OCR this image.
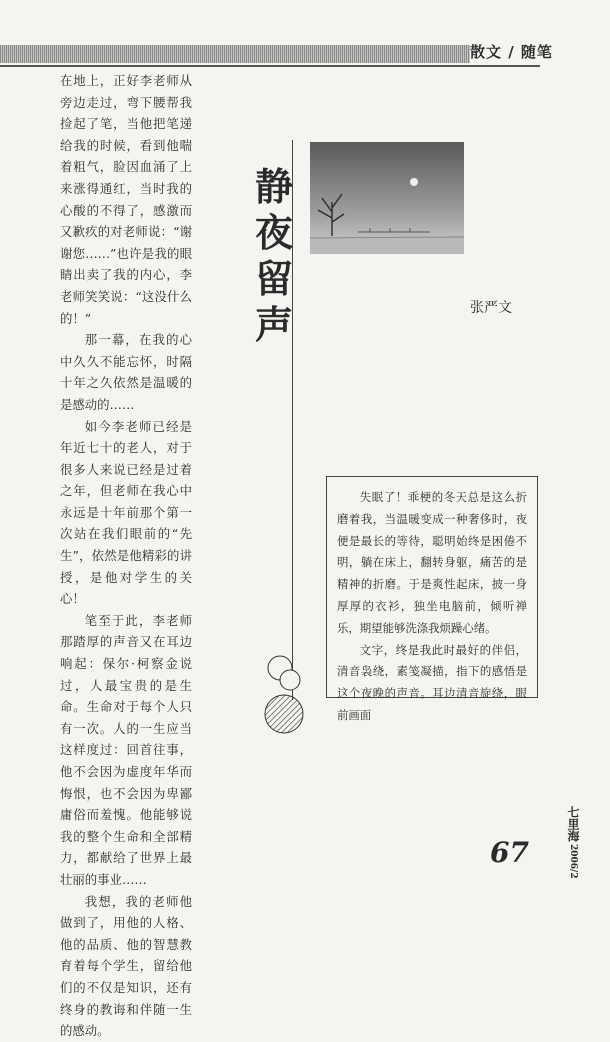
散文 / 随笔

在地上，正好李老师从旁边走过，弯下腰帮我捡起了笔，当他把笔递给我的时候，看到他喘着粗气，脸因血涌了上来涨得通红，当时我的心酸的不得了，感激而又歉疚的对老师说：“谢谢您……”也许是我的眼睛出卖了我的内心，李老师笑笑说：“这没什么的！”

那一幕，在我的心中久久不能忘怀，时隔十年之久依然是温暖的是感动的……

如今李老师已经是年近七十的老人，对于很多人来说已经是过着之年，但老师在我心中永远是十年前那个第一次站在我们眼前的“先生”，依然是他精彩的讲授，是他对学生的关心！

笔至于此，李老师那踏厚的声音又在耳边响起：保尔·柯察金说过，人最宝贵的是生命。生命对于每个人只有一次。人的一生应当这样度过：回首往事，他不会因为虚度年华而悔恨，也不会因为卑鄙庸俗而羞愧。他能够说我的整个生命和全部精力，都献给了世界上最壮丽的事业……

我想，我的老师他做到了，用他的人格、他的品质、他的智慧教育着每个学生，留给他们的不仅是知识，还有终身的教诲和伴随一生的感动。

静
夜
留
声	张严文

失眠了！乖梗的冬天总是这么折磨着我，当温暖变成一种奢侈时，夜便是最长的等待，聪明始终是困倦不明，躺在床上，翻转身躯，痛苦的是精神的折磨。于是爽性起床，披一身厚厚的衣衫，独坐电脑前，倾听禅乐，期望能够洗涤我烦躁心绪。

文字，终是我此时最好的伴侣，清音袅绕，素笺凝描，指下的感悟是这个夜晚的声音。耳边清音旋绕，眼前画面

七里海
2006/2
67
